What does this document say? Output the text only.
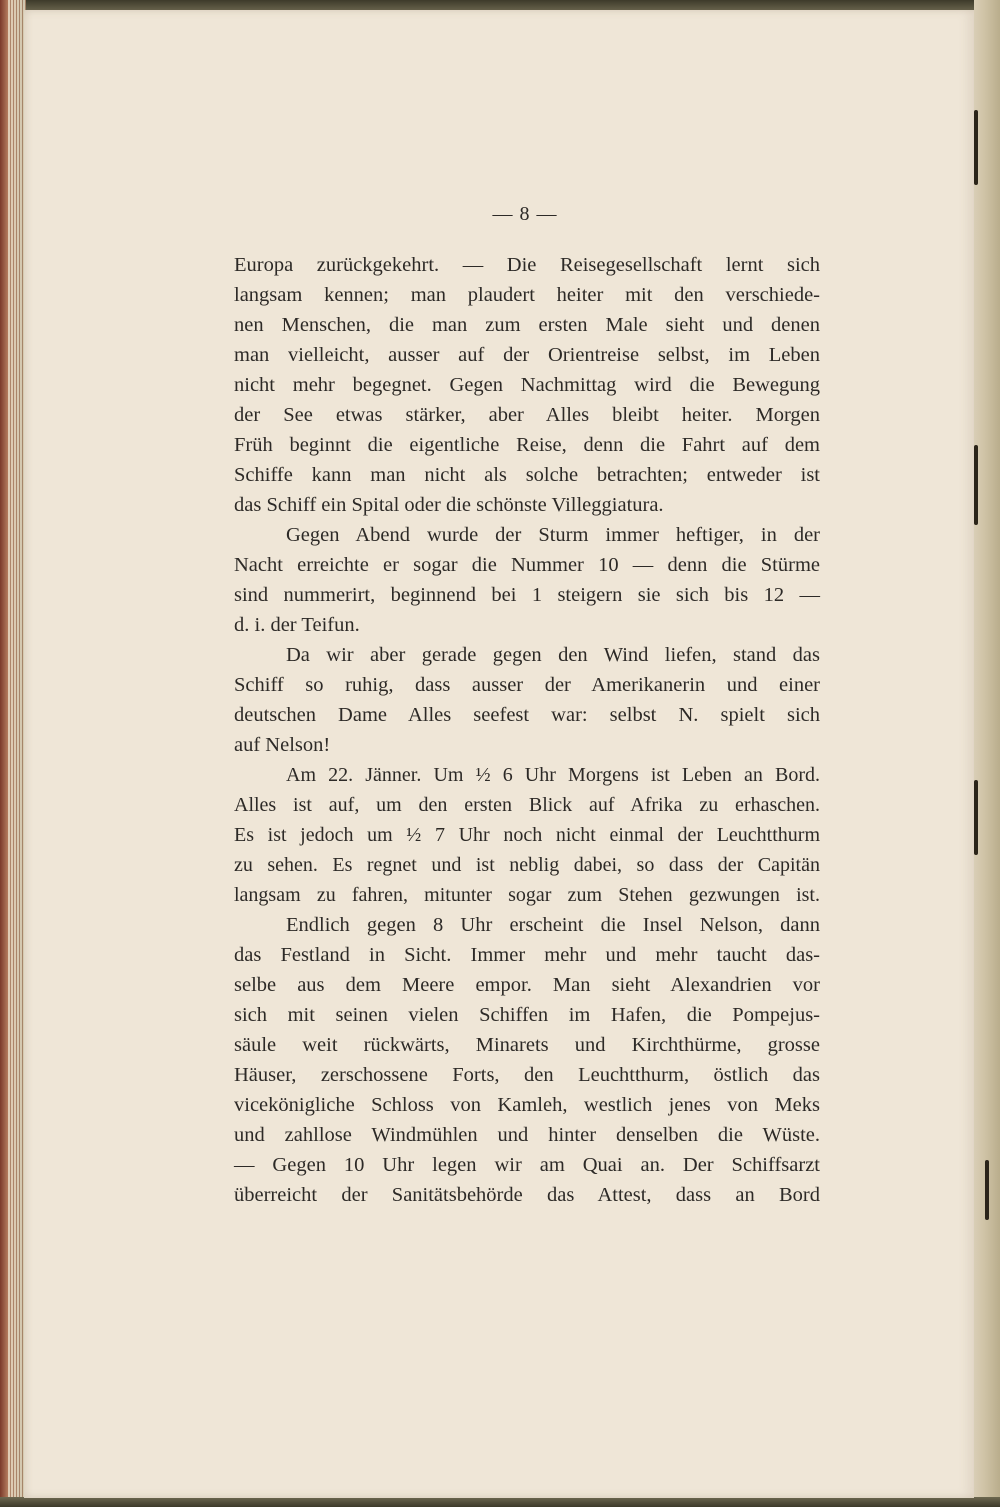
— 8 —
Europa zurückgekehrt. — Die Reisegesellschaft lernt sich
langsam kennen; man plaudert heiter mit den verschiede-
nen Menschen, die man zum ersten Male sieht und denen
man vielleicht, ausser auf der Orientreise selbst, im Leben
nicht mehr begegnet. Gegen Nachmittag wird die Bewegung
der See etwas stärker, aber Alles bleibt heiter. Morgen
Früh beginnt die eigentliche Reise, denn die Fahrt auf dem
Schiffe kann man nicht als solche betrachten; entweder ist
das Schiff ein Spital oder die schönste Villeggiatura.
Gegen Abend wurde der Sturm immer heftiger, in der
Nacht erreichte er sogar die Nummer 10 — denn die Stürme
sind nummerirt, beginnend bei 1 steigern sie sich bis 12 —
d. i. der Teifun.
Da wir aber gerade gegen den Wind liefen, stand das
Schiff so ruhig, dass ausser der Amerikanerin und einer
deutschen Dame Alles seefest war: selbst N. spielt sich
auf Nelson!
Am 22. Jänner. Um ½ 6 Uhr Morgens ist Leben an Bord.
Alles ist auf, um den ersten Blick auf Afrika zu erhaschen.
Es ist jedoch um ½ 7 Uhr noch nicht einmal der Leuchtthurm
zu sehen. Es regnet und ist neblig dabei, so dass der Capitän
langsam zu fahren, mitunter sogar zum Stehen gezwungen ist.
Endlich gegen 8 Uhr erscheint die Insel Nelson, dann
das Festland in Sicht. Immer mehr und mehr taucht das-
selbe aus dem Meere empor. Man sieht Alexandrien vor
sich mit seinen vielen Schiffen im Hafen, die Pompejus-
säule weit rückwärts, Minarets und Kirchthürme, grosse
Häuser, zerschossene Forts, den Leuchtthurm, östlich das
vicekönigliche Schloss von Kamleh, westlich jenes von Meks
und zahllose Windmühlen und hinter denselben die Wüste.
— Gegen 10 Uhr legen wir am Quai an. Der Schiffsarzt
überreicht der Sanitätsbehörde das Attest, dass an Bord
